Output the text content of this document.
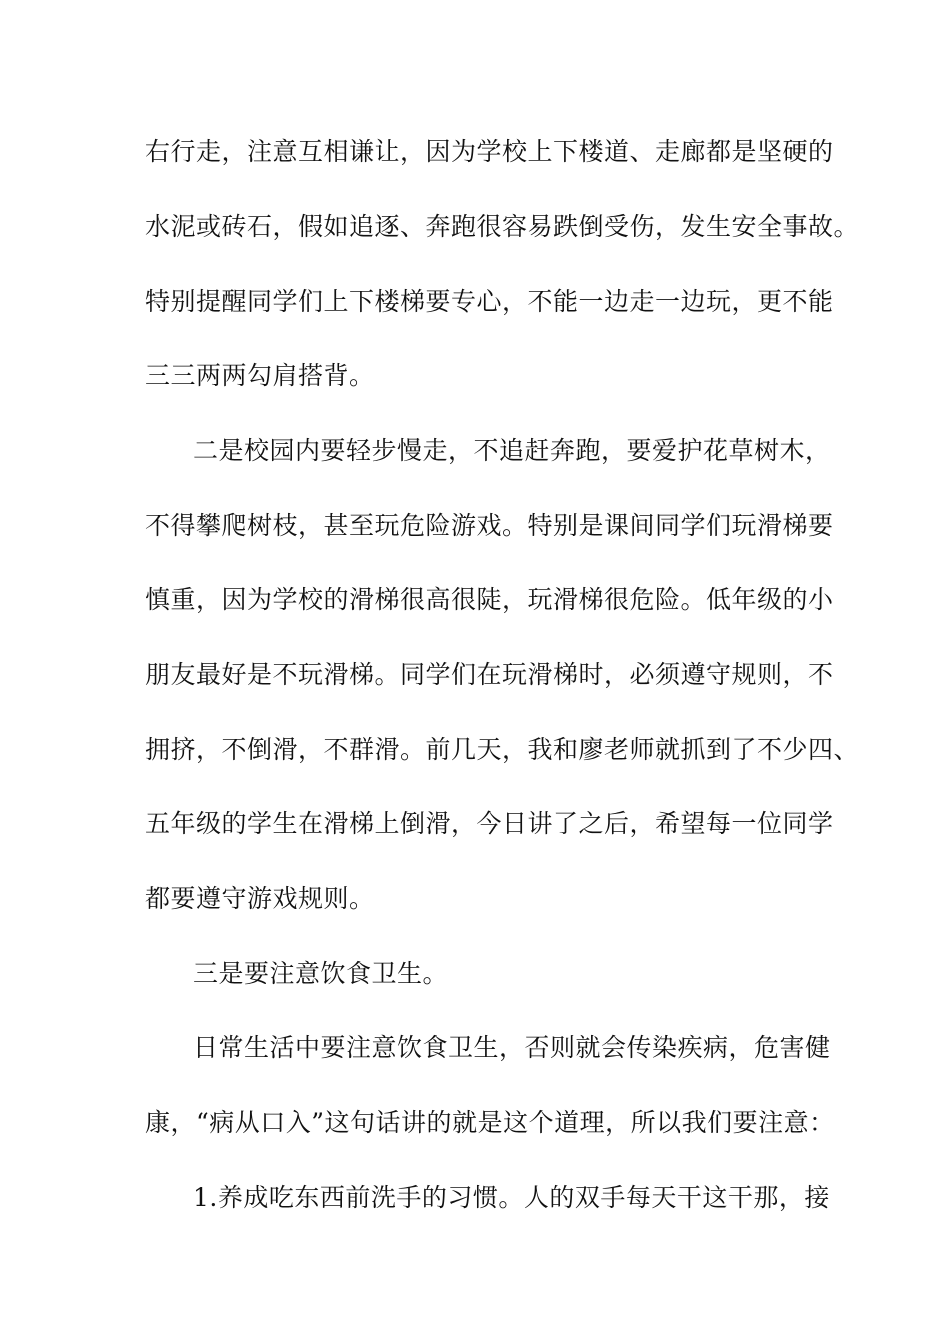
右行走，注意互相谦让，因为学校上下楼道、走廊都是坚硬的
水泥或砖石，假如追逐、奔跑很容易跌倒受伤，发生安全事故。
特别提醒同学们上下楼梯要专心，不能一边走一边玩，更不能
三三两两勾肩搭背。
二是校园内要轻步慢走，不追赶奔跑，要爱护花草树木，
不得攀爬树枝，甚至玩危险游戏。特别是课间同学们玩滑梯要
慎重，因为学校的滑梯很高很陡，玩滑梯很危险。低年级的小
朋友最好是不玩滑梯。同学们在玩滑梯时，必须遵守规则，不
拥挤，不倒滑，不群滑。前几天，我和廖老师就抓到了不少四、
五年级的学生在滑梯上倒滑，今日讲了之后，希望每一位同学
都要遵守游戏规则。
三是要注意饮食卫生。
日常生活中要注意饮食卫生，否则就会传染疾病，危害健
康，“病从口入”这句话讲的就是这个道理，所以我们要注意：
1.养成吃东西前洗手的习惯。人的双手每天干这干那，接
